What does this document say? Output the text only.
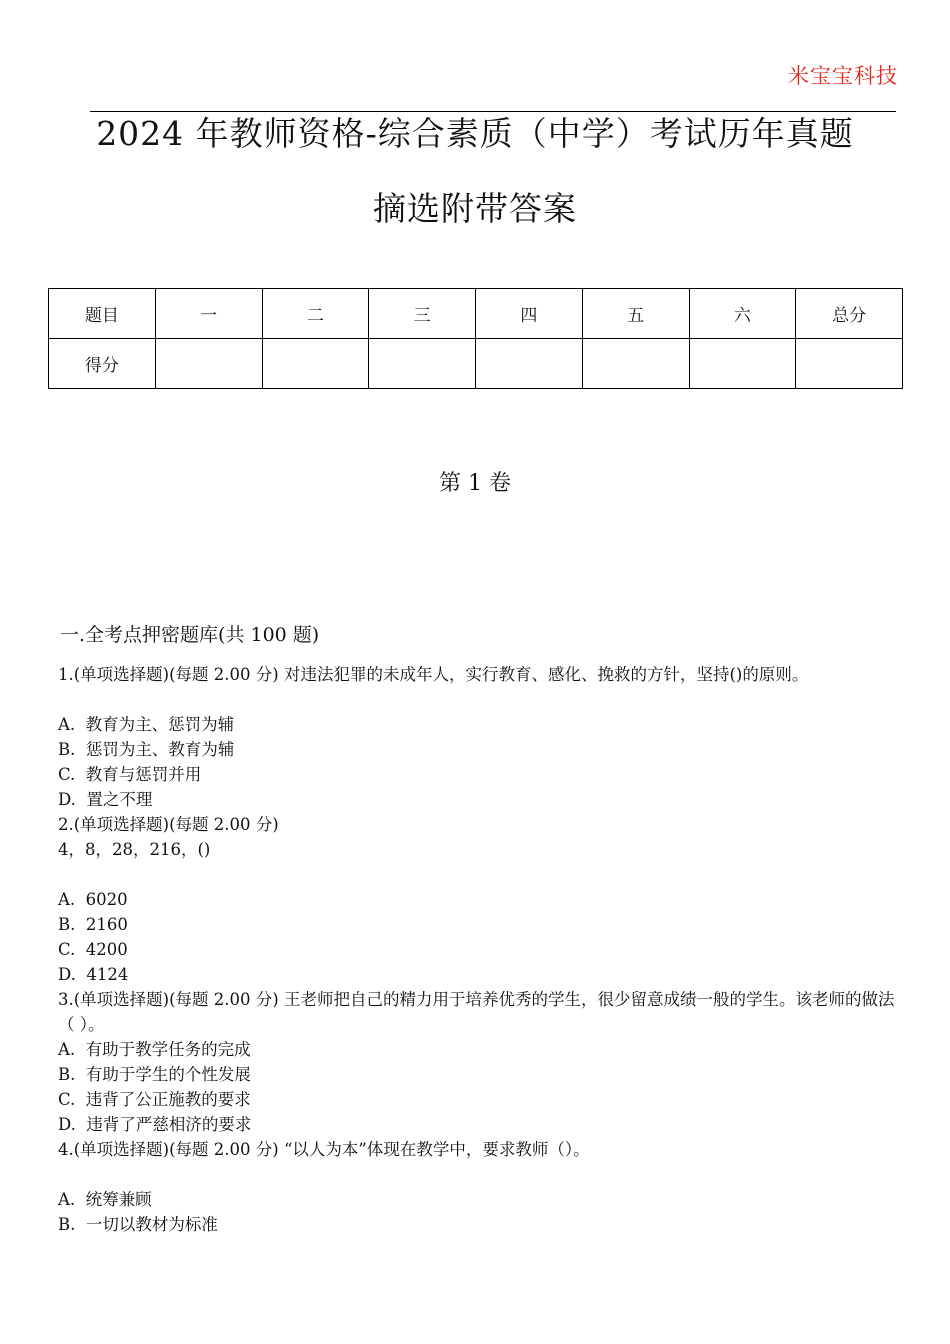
米宝宝科技
2024 年教师资格-综合素质（中学）考试历年真题
摘选附带答案
题目	一	二	三	四	五	六	总分
得分							
第 1 卷
一.全考点押密题库(共 100 题)

1.(单项选择题)(每题 2.00 分) 对违法犯罪的未成年人，实行教育、感化、挽救的方针，坚持()的原则。

A.  教育为主、惩罚为辅

B.  惩罚为主、教育为辅

C.  教育与惩罚并用

D.  置之不理

2.(单项选择题)(每题 2.00 分)

4，8，28，216，()

A.  6020

B.  2160

C.  4200

D.  4124

3.(单项选择题)(每题 2.00 分) 王老师把自己的精力用于培养优秀的学生，很少留意成绩一般的学生。该老师的做法（ ）。

A.  有助于教学任务的完成

B.  有助于学生的个性发展

C.  违背了公正施教的要求

D.  违背了严慈相济的要求

4.(单项选择题)(每题 2.00 分) “以人为本”体现在教学中，要求教师（）。

A.  统筹兼顾

B.  一切以教材为标准
